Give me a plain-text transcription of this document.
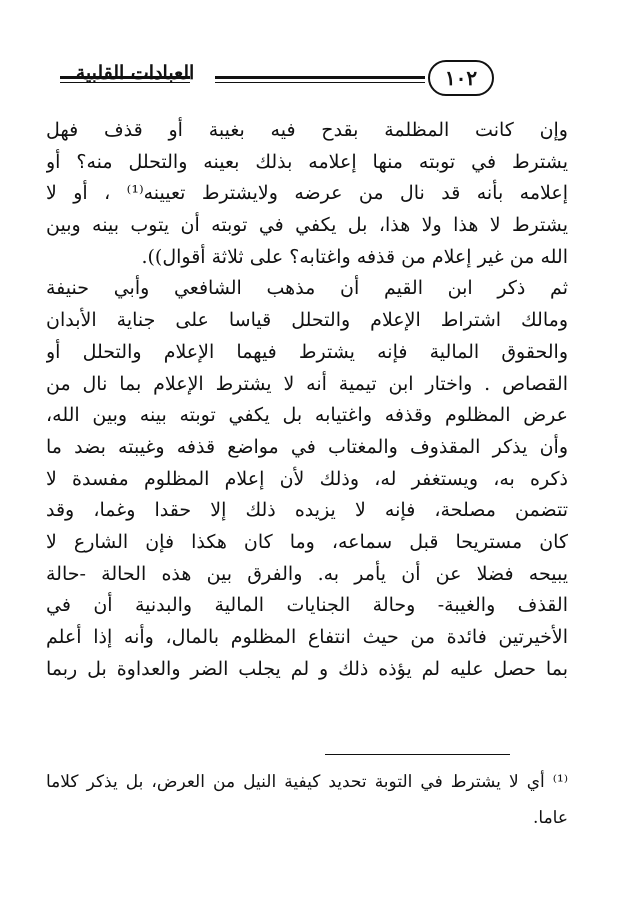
العبادات القلبية	١٠٢
وإن كانت المظلمة بقدح فيه بغيبة أو قذف فهل
يشترط في توبته منها إعلامه بذلك بعينه والتحلل منه؟ أو
إعلامه بأنه قد نال من عرضه ولايشترط تعيينه⁽¹⁾ ، أو لا
يشترط لا هذا ولا هذا، بل يكفي في توبته أن يتوب بينه وبين
الله من غير إعلام من قذفه واغتابه؟ على ثلاثة أقوال)).
ثم ذكر ابن القيم أن مذهب الشافعي وأبي حنيفة
ومالك اشتراط الإعلام والتحلل قياسا على جناية الأبدان
والحقوق المالية فإنه يشترط فيهما الإعلام والتحلل أو
القصاص . واختار ابن تيمية أنه لا يشترط الإعلام بما نال من
عرض المظلوم وقذفه واغتيابه بل يكفي توبته بينه وبين الله،
وأن يذكر المقذوف والمغتاب في مواضع قذفه وغيبته بضد ما
ذكره به، ويستغفر له، وذلك لأن إعلام المظلوم مفسدة لا
تتضمن مصلحة، فإنه لا يزيده ذلك إلا حقدا وغما، وقد
كان مستريحا قبل سماعه، وما كان هكذا فإن الشارع لا
يبيحه فضلا عن أن يأمر به. والفرق بين هذه الحالة -حالة
القذف والغيبة- وحالة الجنايات المالية والبدنية أن في
الأخيرتين فائدة من حيث انتفاع المظلوم بالمال، وأنه إذا أعلم
بما حصل عليه لم يؤذه ذلك و لم يجلب الضر والعداوة بل ربما
⁽¹⁾ أي لا يشترط في التوبة تحديد كيفية النيل من العرض، بل يذكر كلاما
عاما.
